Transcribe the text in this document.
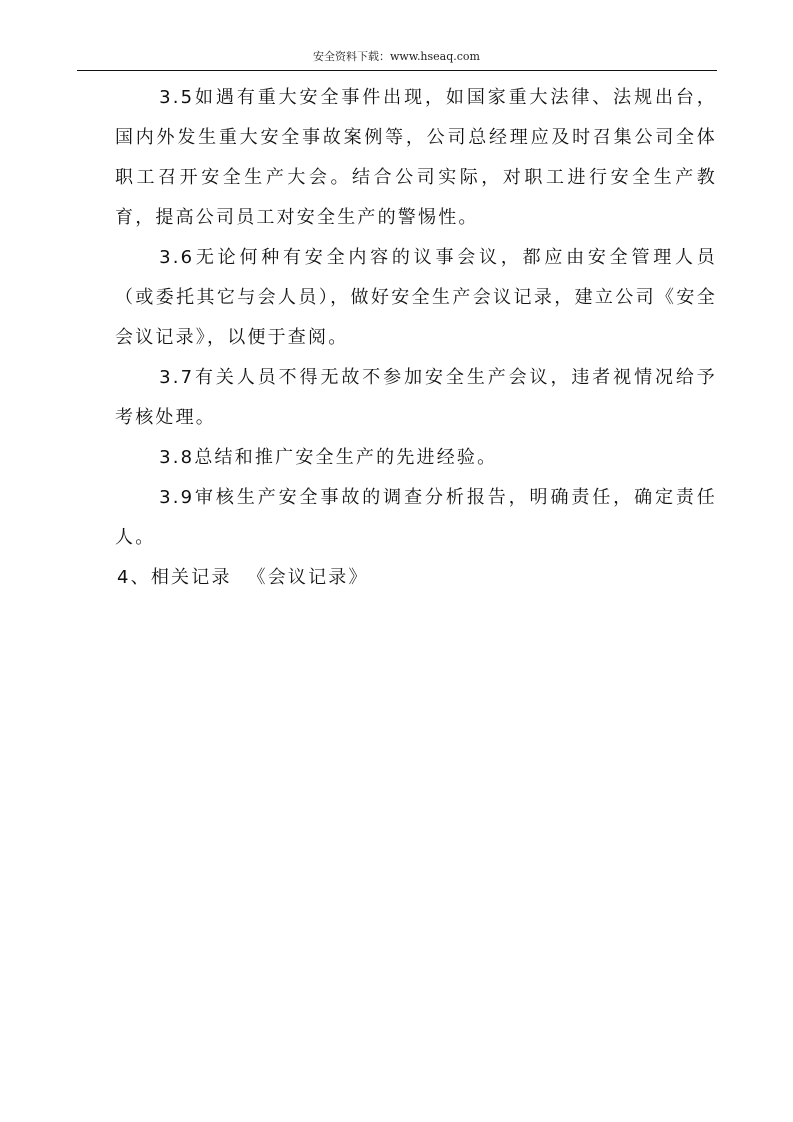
安全资料下载：www.hseaq.com

3.5如遇有重大安全事件出现，如国家重大法律、法规出台，国内外发生重大安全事故案例等，公司总经理应及时召集公司全体职工召开安全生产大会。结合公司实际，对职工进行安全生产教育，提高公司员工对安全生产的警惕性。

3.6无论何种有安全内容的议事会议，都应由安全管理人员（或委托其它与会人员），做好安全生产会议记录，建立公司《安全会议记录》，以便于查阅。

3.7有关人员不得无故不参加安全生产会议，违者视情况给予考核处理。

3.8总结和推广安全生产的先进经验。

3.9审核生产安全事故的调查分析报告，明确责任，确定责任人。

4、相关记录  《会议记录》
